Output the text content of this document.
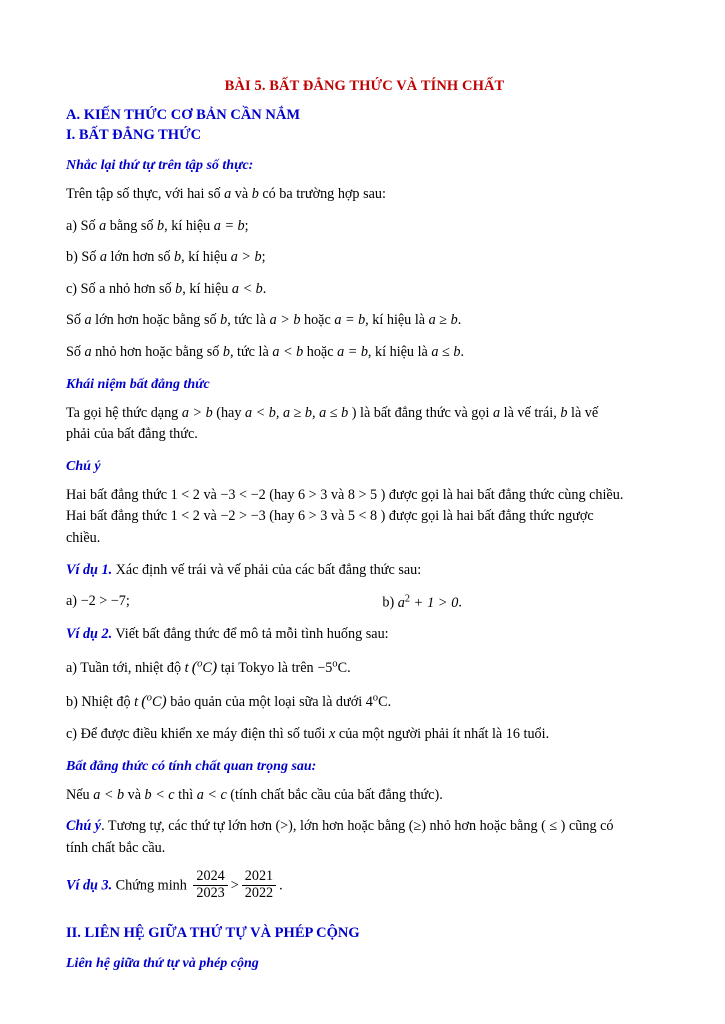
BÀI 5. BẤT ĐẲNG THỨC VÀ TÍNH CHẤT
A. KIẾN THỨC CƠ BẢN CẦN NẮM
I. BẤT ĐẲNG THỨC
Nhắc lại thứ tự trên tập số thực:

Trên tập số thực, với hai số a và b có ba trường hợp sau:

a) Số a bằng số b, kí hiệu a = b;

b) Số a lớn hơn số b, kí hiệu a > b;

c) Số a nhỏ hơn số b, kí hiệu a < b.

Số a lớn hơn hoặc bằng số b, tức là a > b hoặc a = b, kí hiệu là a ≥ b.

Số a nhỏ hơn hoặc bằng số b, tức là a < b hoặc a = b, kí hiệu là a ≤ b.

Khái niệm bất đẳng thức

Ta gọi hệ thức dạng a > b (hay a < b, a ≥ b, a ≤ b ) là bất đẳng thức và gọi a là vế trái, b là vế

phải của bất đẳng thức.

Chú ý

Hai bất đẳng thức 1 < 2 và −3 < −2 (hay 6 > 3 và 8 > 5 ) được gọi là hai bất đẳng thức cùng chiều.

Hai bất đẳng thức 1 < 2 và −2 > −3 (hay 6 > 3 và 5 < 8 ) được gọi là hai bất đẳng thức ngược

chiều.

Ví dụ 1. Xác định vế trái và vế phải của các bất đẳng thức sau:

a) −2 > −7;	b) $a^2 + 1 > 0$.

Ví dụ 2. Viết bất đẳng thức để mô tả mỗi tình huống sau:

a) Tuần tới, nhiệt độ t ($^o$C) tại Tokyo là trên $-5^oC$.

b) Nhiệt độ t ($^o$C) bảo quản của một loại sữa là dưới 4$^o$C.

c) Để được điều khiển xe máy điện thì số tuổi x của một người phải ít nhất là 16 tuổi.

Bất đẳng thức có tính chất quan trọng sau:

Nếu a < b và b < c thì a < c (tính chất bắc cầu của bất đẳng thức).

Chú ý. Tương tự, các thứ tự lớn hơn (>), lớn hơn hoặc bằng (≥) nhỏ hơn hoặc bằng ( ≤ ) cũng có

tính chất bắc cầu.

Ví dụ 3. Chứng minh $\frac{2024}{2023} > \frac{2021}{2022}$ .

II. LIÊN HỆ GIỮA THỨ TỰ VÀ PHÉP CỘNG
Liên hệ giữa thứ tự và phép cộng
